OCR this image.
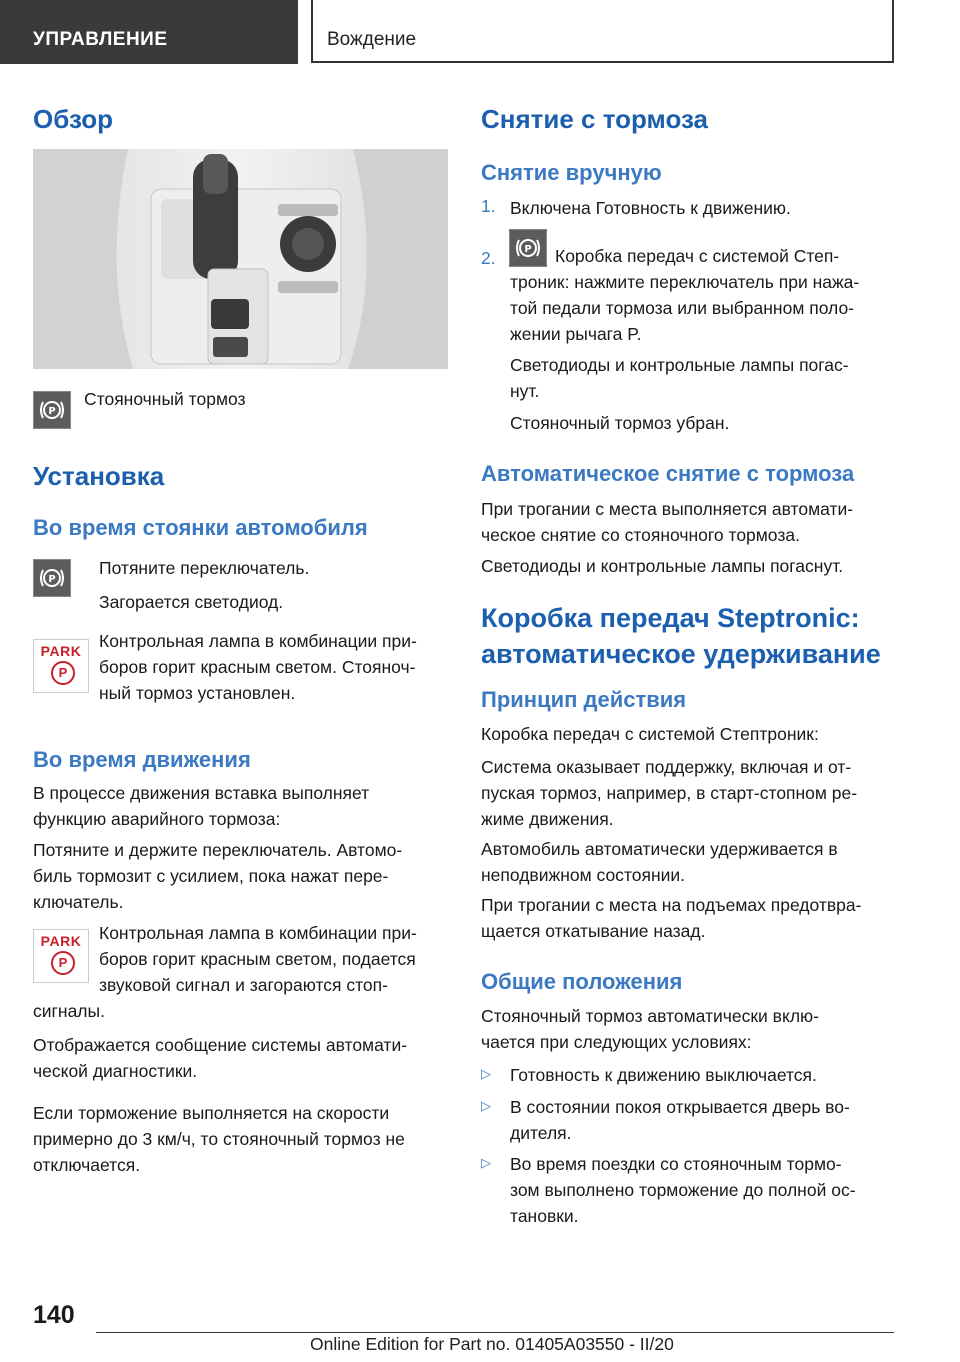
УПРАВЛЕНИЕ	Вождение
Обзор
P

Стояночный тормоз

Установка
Во время стоянки автомобиля
P

Потяните переключатель.

Загорается светодиод.

PARK
P

Контрольная лампа в комбинации при-

боров горит красным светом. Стояноч-

ный тормоз установлен.

Во время движения

В процессе движения вставка выполняет

функцию аварийного тормоза:

Потяните и держите переключатель. Автомо-

биль тормозит с усилием, пока нажат пере-

ключатель.

PARK
P

Контрольная лампа в комбинации при-

боров горит красным светом, подается

звуковой сигнал и загораются стоп-

сигналы.

Отображается сообщение системы автомати-

ческой диагностики.

Если торможение выполняется на скорости

примерно до 3 км/ч, то стояночный тормоз не

отключается.

Снятие с тормоза
Снятие вручную
1. Включена Готовность к движению.

2.	P	Коробка передач с системой Степ-

троник: нажмите переключатель при нажа-

той педали тормоза или выбранном поло-

жении рычага P.

Светодиоды и контрольные лампы погас-

нут.

Стояночный тормоз убран.

Автоматическое снятие с тормоза

При трогании с места выполняется автомати-

ческое снятие со стояночного тормоза.

Светодиоды и контрольные лампы погаснут.

Коробка передач Steptronic:
автоматическое удерживание
Принцип действия

Коробка передач с системой Стептроник:

Система оказывает поддержку, включая и от-

пуская тормоз, например, в старт-стопном ре-

жиме движения.

Автомобиль автоматически удерживается в

неподвижном состоянии.

При трогании с места на подъемах предотвра-

щается откатывание назад.

Общие положения

Стояночный тормоз автоматически вклю-

чается при следующих условиях:

▷ Готовность к движению выключается.

▷ В состоянии покоя открывается дверь во-

дителя.

▷ Во время поездки со стояночным тормо-

зом выполнено торможение до полной ос-

тановки.

140
Online Edition for Part no. 01405A03550 - II/20
